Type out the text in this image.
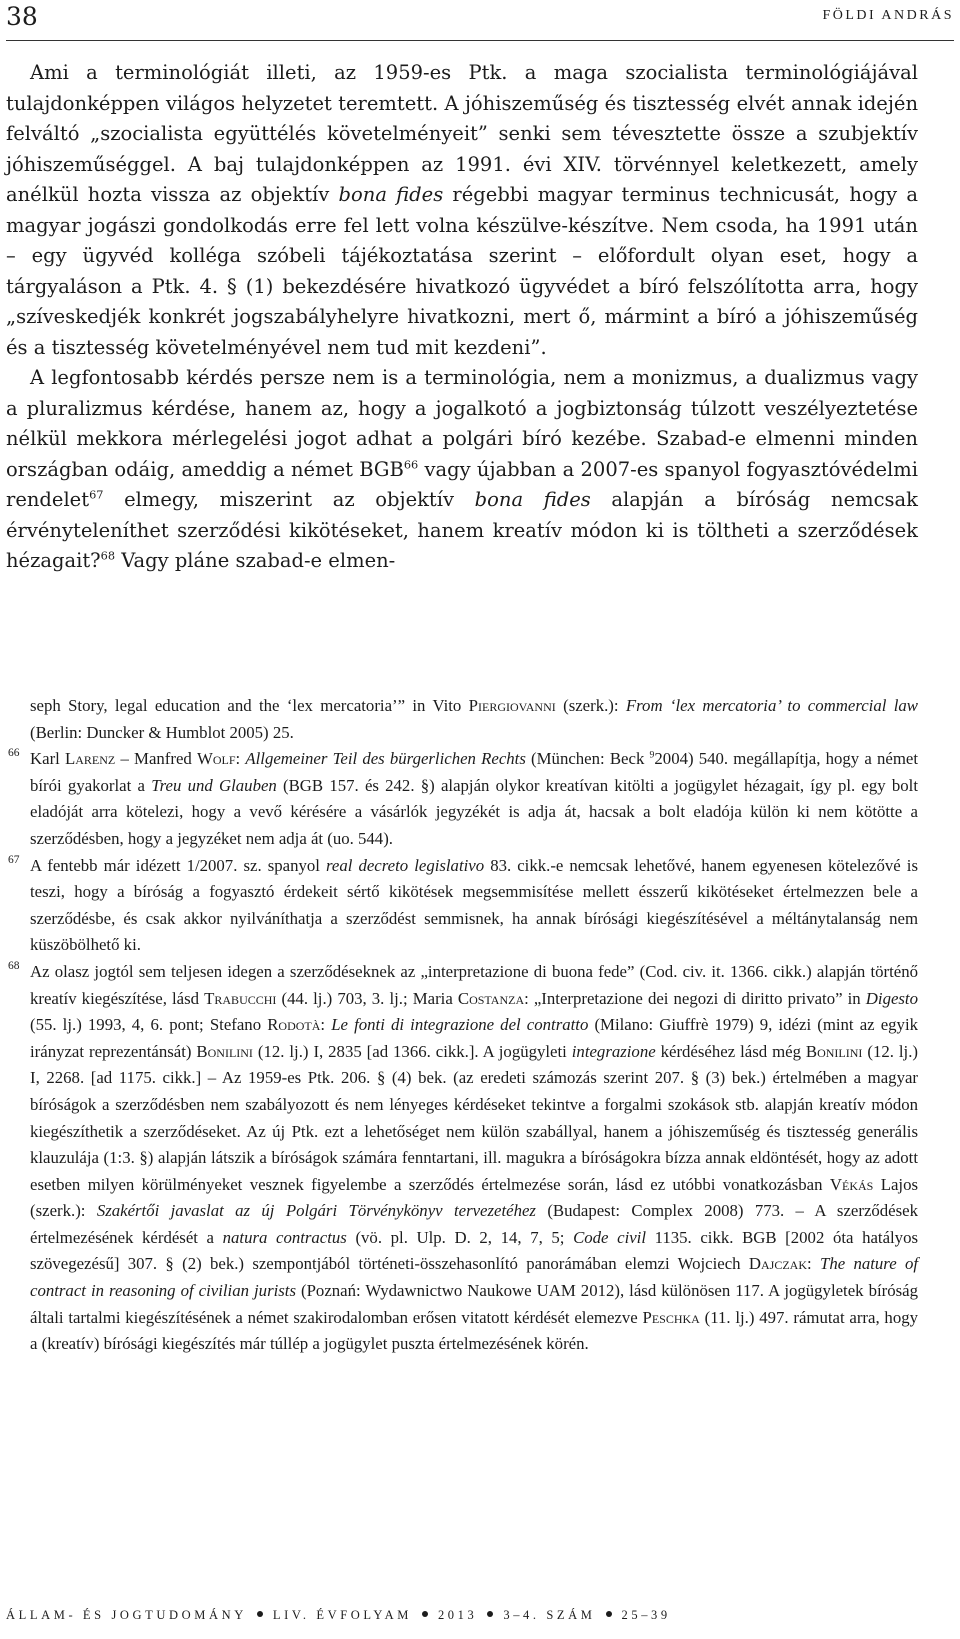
38	FÖLDI ANDRÁS

Ami a terminológiát illeti, az 1959-es Ptk. a maga szocialista terminológiájával tulajdonképpen világos helyzetet teremtett. A jóhiszeműség és tisztesség elvét annak idején felváltó „szocialista együttélés követelményeit” senki sem tévesztette össze a szubjektív jóhiszeműséggel. A baj tulajdonképpen az 1991. évi XIV. törvénnyel keletkezett, amely anélkül hozta vissza az objektív bona fides régebbi magyar terminus technicusát, hogy a magyar jogászi gondolkodás erre fel lett volna készülve-készítve. Nem csoda, ha 1991 után – egy ügyvéd kolléga szóbeli tájékoztatása szerint – előfordult olyan eset, hogy a tárgyaláson a Ptk. 4. § (1) bekezdésére hivatkozó ügyvédet a bíró felszólította arra, hogy „szíveskedjék konkrét jogszabályhelyre hivatkozni, mert ő, mármint a bíró a jóhiszeműség és a tisztesség követelményével nem tud mit kezdeni”.

A legfontosabb kérdés persze nem is a terminológia, nem a monizmus, a dualizmus vagy a pluralizmus kérdése, hanem az, hogy a jogalkotó a jogbiztonság túlzott veszélyeztetése nélkül mekkora mérlegelési jogot adhat a polgári bíró kezébe. Szabad-e elmenni minden országban odáig, ameddig a német BGB$^{66}$ vagy újabban a 2007-es spanyol fogyasztóvédelmi rendelet$^{67}$ elmegy, miszerint az objektív bona fides alapján a bíróság nemcsak érvényteleníthet szerződési kikötéseket, hanem kreatív módon ki is töltheti a szerződések hézagait?$^{68}$ Vagy pláne szabad-e elmen-

seph Story, legal education and the ‘lex mercatoria’” in Vito Piergiovanni (szerk.): From ‘lex mercatoria’ to commercial law (Berlin: Duncker & Humblot 2005) 25.
66 Karl Larenz – Manfred Wolf: Allgemeiner Teil des bürgerlichen Rechts (München: Beck $^9$2004) 540. megállapítja, hogy a német bírói gyakorlat a Treu und Glauben (BGB 157. és 242. §) alapján olykor kreatívan kitölti a jogügylet hézagait, így pl. egy bolt eladóját arra kötelezi, hogy a vevő kérésére a vásárlók jegyzékét is adja át, hacsak a bolt eladója külön ki nem kötötte a szerződésben, hogy a jegyzéket nem adja át (uo. 544).
67 A fentebb már idézett 1/2007. sz. spanyol real decreto legislativo 83. cikk.-e nemcsak lehetővé, hanem egyenesen kötelezővé is teszi, hogy a bíróság a fogyasztó érdekeit sértő kikötések megsemmisítése mellett ésszerű kikötéseket értelmezzen bele a szerződésbe, és csak akkor nyilváníthatja a szerződést semmisnek, ha annak bírósági kiegészítésével a méltánytalanság nem küszöbölhető ki.
68 Az olasz jogtól sem teljesen idegen a szerződéseknek az „interpretazione di buona fede” (Cod. civ. it. 1366. cikk.) alapján történő kreatív kiegészítése, lásd Trabucchi (44. lj.) 703, 3. lj.; Maria Costanza: „Interpretazione dei negozi di diritto privato” in Digesto (55. lj.) 1993, 4, 6. pont; Stefano Rodotà: Le fonti di integrazione del contratto (Milano: Giuffrè 1979) 9, idézi (mint az egyik irányzat reprezentánsát) Bonilini (12. lj.) I, 2835 [ad 1366. cikk.]. A jogügyleti integrazione kérdéséhez lásd még Bonilini (12. lj.) I, 2268. [ad 1175. cikk.] – Az 1959-es Ptk. 206. § (4) bek. (az eredeti számozás szerint 207. § (3) bek.) értelmében a magyar bíróságok a szerződésben nem szabályozott és nem lényeges kérdéseket tekintve a forgalmi szokások stb. alapján kreatív módon kiegészíthetik a szerződéseket. Az új Ptk. ezt a lehetőséget nem külön szabállyal, hanem a jóhiszeműség és tisztesség generális klauzulája (1:3. §) alapján látszik a bíróságok számára fenntartani, ill. magukra a bíróságokra bízza annak eldöntését, hogy az adott esetben milyen körülményeket vesznek figyelembe a szerződés értelmezése során, lásd ez utóbbi vonatkozásban Vékás Lajos (szerk.): Szakértői javaslat az új Polgári Törvénykönyv tervezetéhez (Budapest: Complex 2008) 773. – A szerződések értelmezésének kérdését a natura contractus (vö. pl. Ulp. D. 2, 14, 7, 5; Code civil 1135. cikk. BGB [2002 óta hatályos szövegezésű] 307. § (2) bek.) szempontjából történeti-összehasonlító panorámában elemzi Wojciech Dajczak: The nature of contract in reasoning of civilian jurists (Poznań: Wydawnictwo Naukowe UAM 2012), lásd különösen 117. A jogügyletek bíróság általi tartalmi kiegészítésének a német szakirodalomban erősen vitatott kérdését elemezve Peschka (11. lj.) 497. rámutat arra, hogy a (kreatív) bírósági kiegészítés már túllép a jogügylet puszta értelmezésének körén.
ÁLLAM- ÉS JOGTUDOMÁNY LIV. ÉVFOLYAM 2013 3–4. SZÁM 25–39
